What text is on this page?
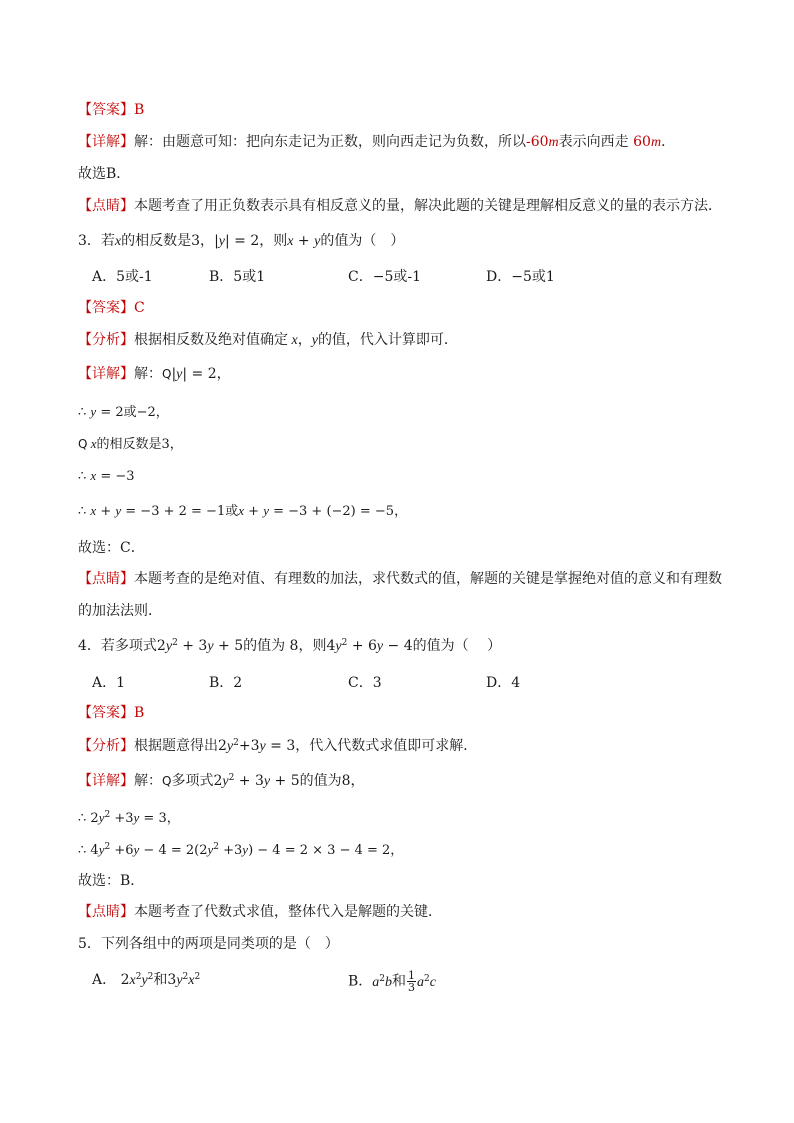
【答案】B
【详解】解：由题意可知：把向东走记为正数，则向西走记为负数，所以-60m表示向西走 60m．
故选B．
【点睛】本题考查了用正负数表示具有相反意义的量，解决此题的关键是理解相反意义的量的表示方法．
3．若x的相反数是3，|y| = 2，则x + y的值为（　）
A．5或-1	B．5或1	C．−5或-1	D．−5或1
【答案】C
【分析】根据相反数及绝对值确定 x，y的值，代入计算即可．
【详解】解：Q|y| = 2，
∴ y = 2或−2，
Q x的相反数是3，
∴ x = −3
∴ x + y = −3 + 2 = −1或x + y = −3 + (−2) = −5，
故选：C．
【点睛】本题考查的是绝对值、有理数的加法，求代数式的值，解题的关键是掌握绝对值的意义和有理数
的加法法则．
4．若多项式$2y^2 + 3y + 5$的值为 8，则$4y^2 + 6y - 4$的值为（　 ）
A．1	B．2	C．3	D．4
【答案】B
【分析】根据题意得出$2y^2+3y = 3$，代入代数式求值即可求解．
【详解】解：Q多项式$2y^2 + 3y + 5$的值为8，
∴ $2y^2 +3y = 3$，
∴ $4y^2 +6y - 4 = 2(2y^2 +3y) - 4 = 2 \times 3 - 4 = 2$，
故选：B．
【点睛】本题考查了代数式求值，整体代入是解题的关键．
5．下列各组中的两项是同类项的是（　）
A． $2x^2y^2$和$3y^2x^2$	B．$a^2b$和 $\frac{1}{3} a^2c$
